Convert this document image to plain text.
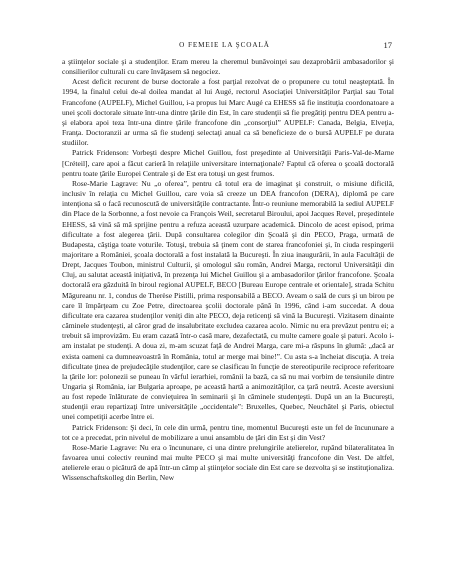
O FEMEIE LA ŞCOALĂ	17

a ştiinţelor sociale şi a studenţilor. Eram mereu la cheremul bunăvoinţei sau dezaprobării ambasadorilor şi consilierilor culturali cu care învăţasem să negociez.

Acest deficit recurent de burse doctorale a fost parţial rezolvat de o propunere cu totul neaşteptată. În 1994, la finalul celui de-al doilea mandat al lui Augé, rectorul Asociaţiei Universităţilor Parţial sau Total Francofone (AUPELF), Michel Guillou, i-a propus lui Marc Augé ca EHESS să fie instituţia coordonatoare a unei şcoli doctorale situate într-una dintre ţările din Est, în care studenţii să fie pregătiţi pentru DEA pentru a-şi elabora apoi teza într-una dintre ţările francofone din „consorţiul” AUPELF: Canada, Belgia, Elveţia, Franţa. Doctoranzii ar urma să fie studenţi selectaţi anual ca să beneficieze de o bursă AUPELF pe durata studiilor.

Patrick Fridenson: Vorbeşti despre Michel Guillou, fost preşedinte al Universităţii Paris-Val-de-Marne [Créteil], care apoi a făcut carieră în relaţiile universitare internaţionale? Faptul că oferea o şcoală doctorală pentru toate ţările Europei Centrale şi de Est era totuşi un gest frumos.

Rose-Marie Lagrave: Nu „o oferea”, pentru că totul era de imaginat şi construit, o misiune dificilă, inclusiv în relaţia cu Michel Guillou, care voia să creeze un DEA francofon (DERA), diplomă pe care intenţiona să o facă recunoscută de universităţile contractante. Într-o reuniune memorabilă la sediul AUPELF din Place de la Sorbonne, a fost nevoie ca François Weil, secretarul Biroului, apoi Jacques Revel, preşedintele EHESS, să vină să mă sprijine pentru a refuza această uzurpare academică. Dincolo de acest episod, prima dificultate a fost alegerea ţării. După consultarea colegilor din Şcoală şi din PECO, Praga, urmată de Budapesta, căştiga toate voturile. Totuşi, trebuia să ţinem cont de starea francofoniei şi, în ciuda respingerii majoritare a României, şcoala doctorală a fost instalată la Bucureşti. În ziua inaugurării, în aula Facultăţii de Drept, Jacques Toubon, ministrul Culturii, şi omologul său român, Andrei Marga, rectorul Universităţii din Cluj, au salutat această iniţiativă, în prezenţa lui Michel Guillou şi a ambasadorilor ţărilor francofone. Şcoala doctorală era găzduită în biroul regional AUPELF, BECO [Bureau Europe centrale et orientale], strada Schitu Măgureanu nr. 1, condus de Therèse Pistilli, prima responsabilă a BECO. Aveam o sală de curs şi un birou pe care îl împărţeam cu Zoe Petre, directoarea şcolii doctorale până în 1996, când i-am succedat. A doua dificultate era cazarea studenţilor veniţi din alte PECO, deja reticenţi să vină la Bucureşti. Vizitasem dinainte căminele studenţeşti, al căror grad de insalubritate excludea cazarea acolo. Nimic nu era prevăzut pentru ei; a trebuit să improvizăm. Eu eram cazată într-o casă mare, dezafectată, cu multe camere goale şi paturi. Acolo i-am instalat pe studenţi. A doua zi, m-am scuzat faţă de Andrei Marga, care mi-a răspuns în glumă: „dacă ar exista oameni ca dumneavoastră în România, totul ar merge mai bine!”. Cu asta s-a încheiat discuţia. A treia dificultate ţinea de prejudecăţile studenţilor, care se clasificau în funcţie de stereotipurile reciproce referitoare la ţările lor: polonezii se puneau în vârful ierarhiei, românii la bază, ca să nu mai vorbim de tensiunile dintre Ungaria şi România, iar Bulgaria aproape, pe această hartă a animozităţilor, ca ţară neutră. Aceste aversiuni au fost repede înlăturate de convieţuirea în seminarii şi în căminele studenţeşti. După un an la Bucureşti, studenţii erau repartizaţi între universităţile „occidentale”: Bruxelles, Quebec, Neuchâtel şi Paris, obiectul unei competiţii acerbe între ei.

Patrick Fridenson: Şi deci, în cele din urmă, pentru tine, momentul Bucureşti este un fel de încununare a tot ce a precedat, prin nivelul de mobilizare a unui ansamblu de ţări din Est şi din Vest?

Rose-Marie Lagrave: Nu era o încununare, ci una dintre prelungirile atelierelor, rupând bilateralitatea în favoarea unui colectiv reunind mai multe PECO şi mai multe universităţi francofone din Vest. De altfel, atelierele erau o picătură de apă într-un câmp al ştiinţelor sociale din Est care se dezvolta şi se instituţionaliza. Wissenschaftskolleg din Berlin, New
